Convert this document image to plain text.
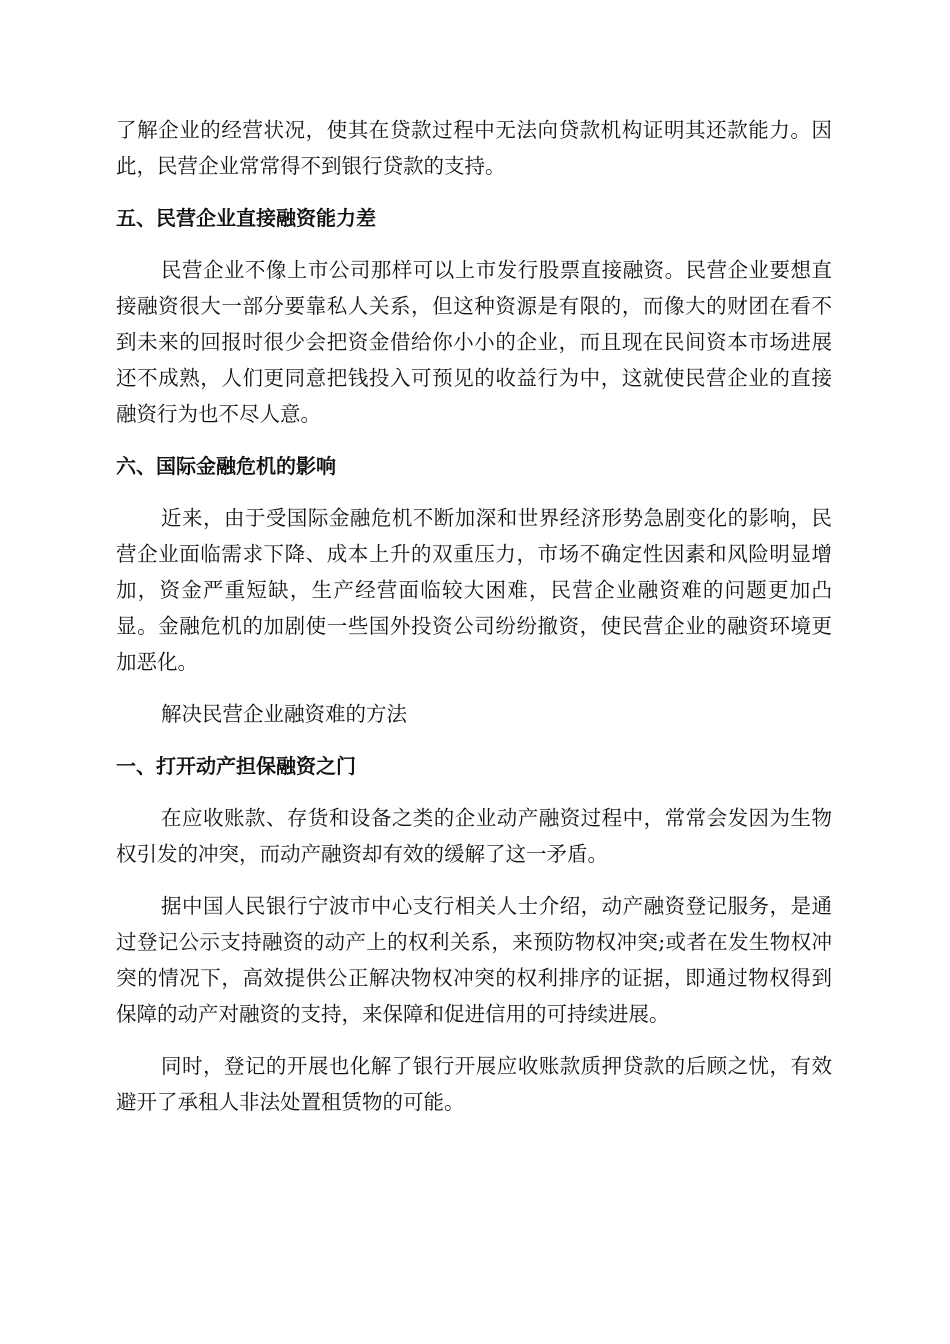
了解企业的经营状况，使其在贷款过程中无法向贷款机构证明其还款能力。因此，民营企业常常得不到银行贷款的支持。

五、民营企业直接融资能力差

民营企业不像上市公司那样可以上市发行股票直接融资。民营企业要想直接融资很大一部分要靠私人关系，但这种资源是有限的，而像大的财团在看不到未来的回报时很少会把资金借给你小小的企业，而且现在民间资本市场进展还不成熟，人们更同意把钱投入可预见的收益行为中，这就使民营企业的直接融资行为也不尽人意。

六、国际金融危机的影响

近来，由于受国际金融危机不断加深和世界经济形势急剧变化的影响，民营企业面临需求下降、成本上升的双重压力，市场不确定性因素和风险明显增加，资金严重短缺，生产经营面临较大困难，民营企业融资难的问题更加凸显。金融危机的加剧使一些国外投资公司纷纷撤资，使民营企业的融资环境更加恶化。

解决民营企业融资难的方法

一、打开动产担保融资之门

在应收账款、存货和设备之类的企业动产融资过程中，常常会发因为生物权引发的冲突，而动产融资却有效的缓解了这一矛盾。

据中国人民银行宁波市中心支行相关人士介绍，动产融资登记服务，是通过登记公示支持融资的动产上的权利关系，来预防物权冲突;或者在发生物权冲突的情况下，高效提供公正解决物权冲突的权利排序的证据，即通过物权得到保障的动产对融资的支持，来保障和促进信用的可持续进展。

同时，登记的开展也化解了银行开展应收账款质押贷款的后顾之忧，有效避开了承租人非法处置租赁物的可能。
